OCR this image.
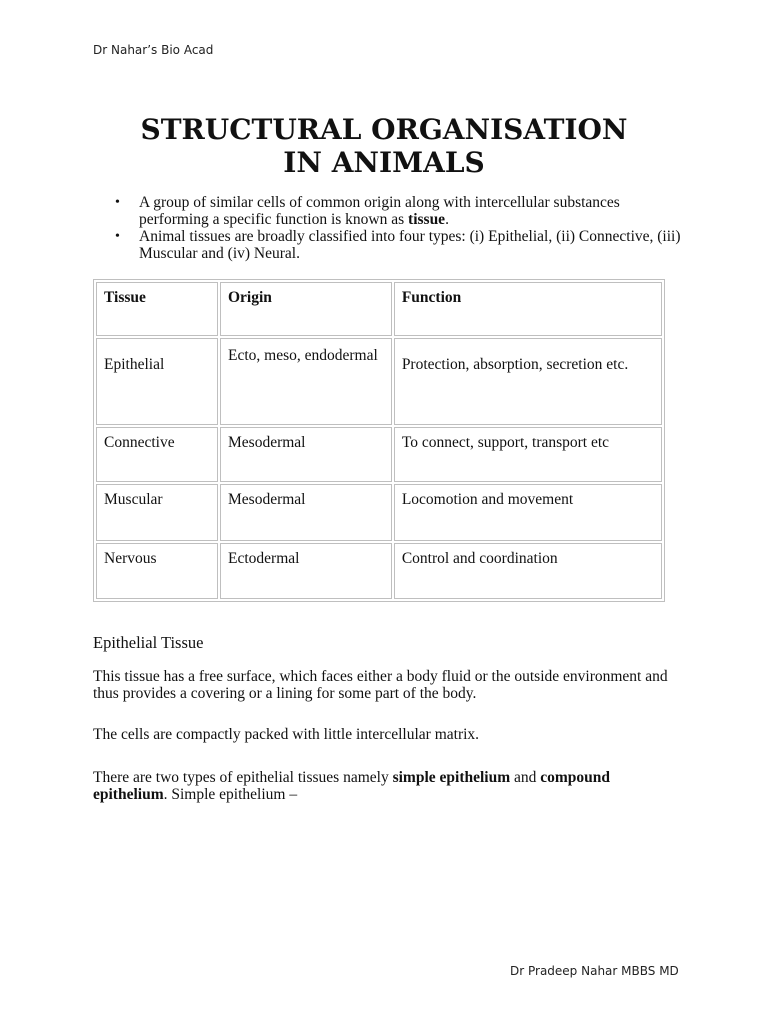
Dr Nahar’s Bio Acad
STRUCTURAL ORGANISATION
IN ANIMALS
• A group of similar cells of common origin along with intercellular substances performing a specific function is known as tissue.
• Animal tissues are broadly classified into four types: (i) Epithelial, (ii) Connective, (iii) Muscular and (iv) Neural.
Tissue	Origin	Function
Epithelial	Ecto, meso, endodermal	Protection, absorption, secretion etc.
Connective	Mesodermal	To connect, support, transport etc
Muscular	Mesodermal	Locomotion and movement
Nervous	Ectodermal	Control and coordination
Epithelial Tissue

This tissue has a free surface, which faces either a body fluid or the outside environment and thus provides a covering or a lining for some part of the body.

The cells are compactly packed with little intercellular matrix.

There are two types of epithelial tissues namely simple epithelium and compound epithelium. Simple epithelium –

Dr Pradeep Nahar MBBS MD
